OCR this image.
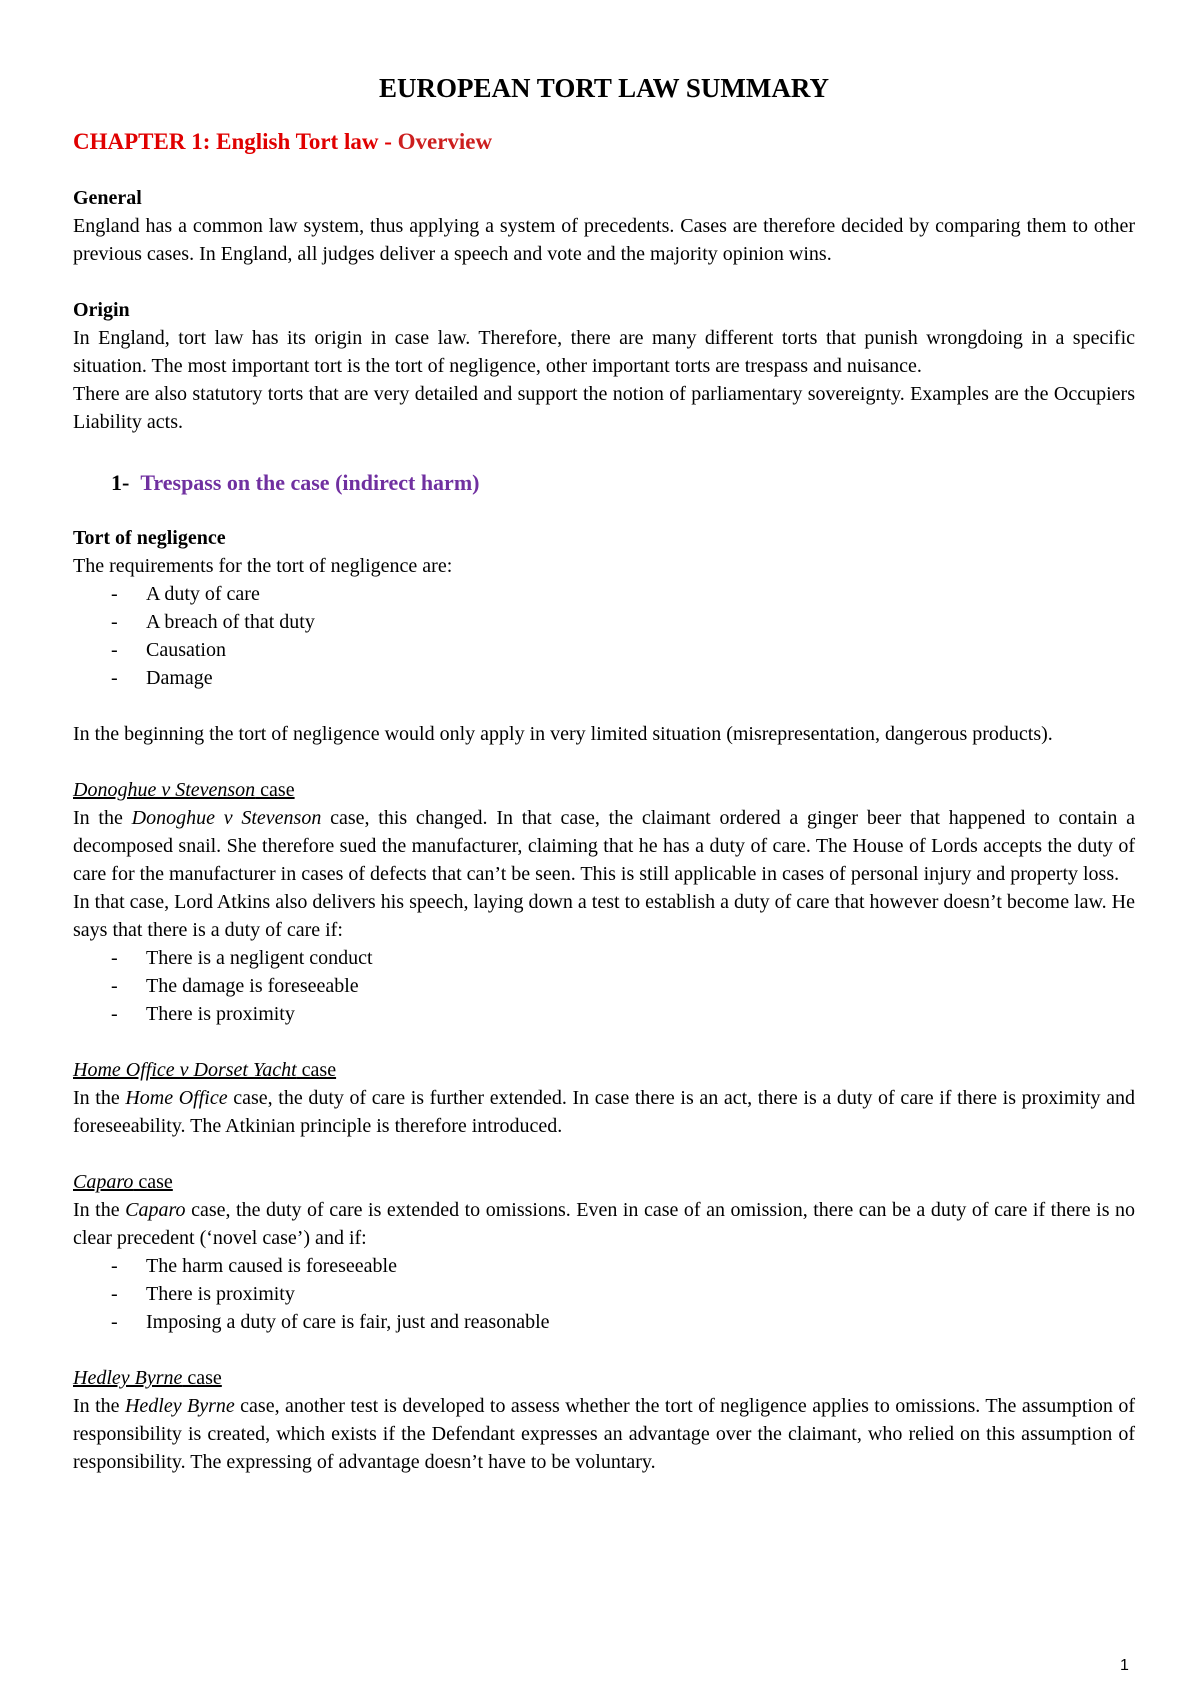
EUROPEAN TORT LAW SUMMARY
CHAPTER 1: English Tort law - Overview

General

England has a common law system, thus applying a system of precedents. Cases are therefore decided by comparing them to other previous cases. In England, all judges deliver a speech and vote and the majority opinion wins.

Origin

In England, tort law has its origin in case law. Therefore, there are many different torts that punish wrongdoing in a specific situation. The most important tort is the tort of negligence, other important torts are trespass and nuisance.

There are also statutory torts that are very detailed and support the notion of parliamentary sovereignty. Examples are the Occupiers Liability acts.

1- Trespass on the case (indirect harm)

Tort of negligence

The requirements for the tort of negligence are:

- A duty of care
- A breach of that duty
- Causation
- Damage

In the beginning the tort of negligence would only apply in very limited situation (misrepresentation, dangerous products).

Donoghue v Stevenson case

In the Donoghue v Stevenson case, this changed. In that case, the claimant ordered a ginger beer that happened to contain a decomposed snail. She therefore sued the manufacturer, claiming that he has a duty of care. The House of Lords accepts the duty of care for the manufacturer in cases of defects that can’t be seen. This is still applicable in cases of personal injury and property loss.

In that case, Lord Atkins also delivers his speech, laying down a test to establish a duty of care that however doesn’t become law. He says that there is a duty of care if:

- There is a negligent conduct
- The damage is foreseeable
- There is proximity

Home Office v Dorset Yacht case

In the Home Office case, the duty of care is further extended. In case there is an act, there is a duty of care if there is proximity and foreseeability. The Atkinian principle is therefore introduced.

Caparo case

In the Caparo case, the duty of care is extended to omissions. Even in case of an omission, there can be a duty of care if there is no clear precedent (‘novel case’) and if:

- The harm caused is foreseeable
- There is proximity
- Imposing a duty of care is fair, just and reasonable

Hedley Byrne case

In the Hedley Byrne case, another test is developed to assess whether the tort of negligence applies to omissions. The assumption of responsibility is created, which exists if the Defendant expresses an advantage over the claimant, who relied on this assumption of responsibility. The expressing of advantage doesn’t have to be voluntary.

1
